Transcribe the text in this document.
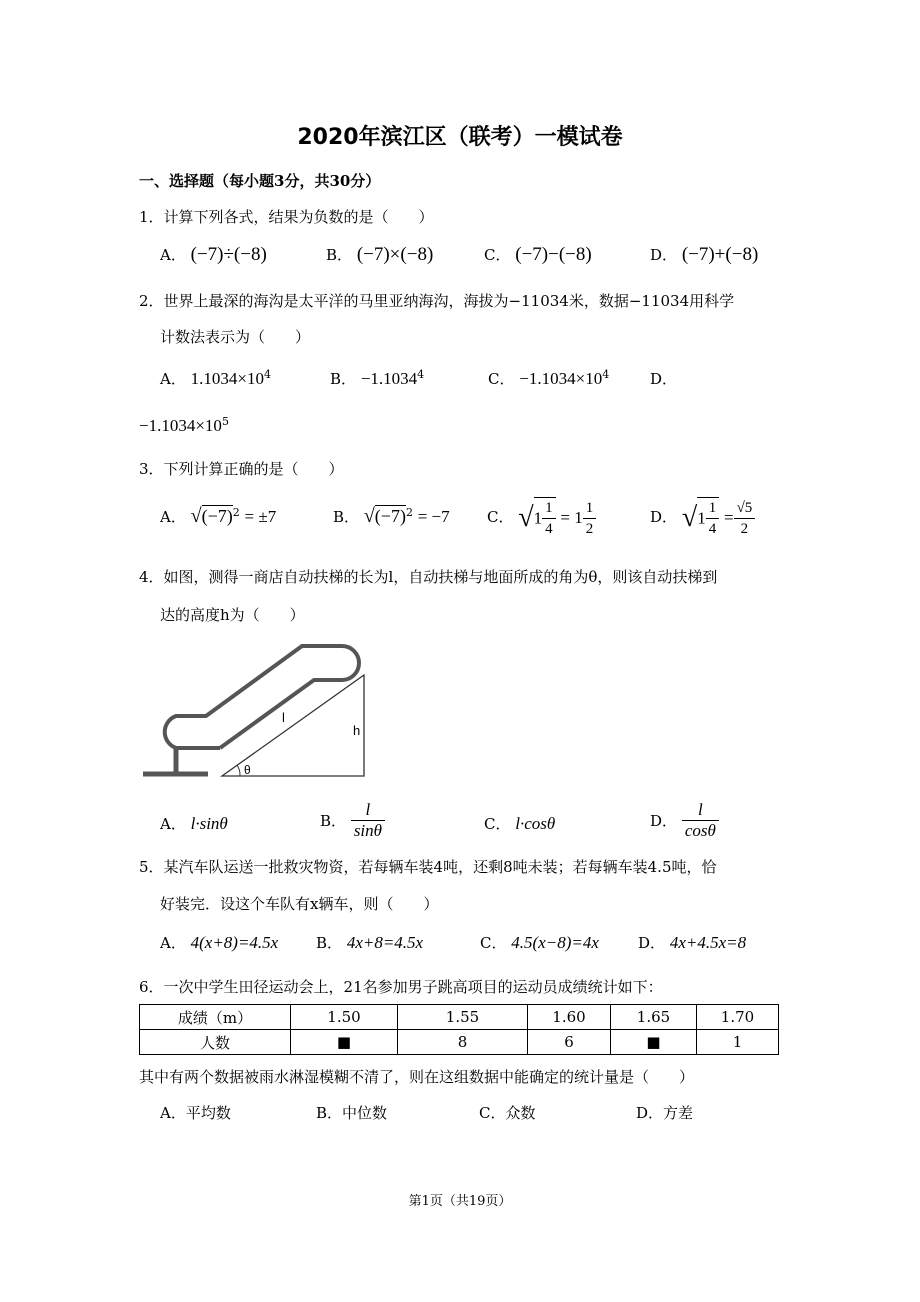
2020年滨江区（联考）一模试卷
一、选择题（每小题3分，共30分）
1．计算下列各式，结果为负数的是（　　）
A． (−7)÷(−8)	B． (−7)×(−8)	C． (−7)−(−8)	D． (−7)+(−8)
2．世界上最深的海沟是太平洋的马里亚纳海沟，海拔为−11034米，数据−11034用科学
计数法表示为（　　）
A． $1.1034\times 10^4$	B． $-1.1034^4$	C． $-1.1034\times 10^4$	D．
$-1.1034\times 10^5$
3．下列计算正确的是（　　）
A． $√(-7)^2 = \pm 7$	B． $√(-7)^2 = -7$ C． $√1 \frac{1}{4} = 1 \frac{1}{2}$	D． $√1 \frac{1}{4} = \frac{√5}{2}$
4．如图，测得一商店自动扶梯的长为l，自动扶梯与地面所成的角为θ，则该自动扶梯到
达的高度h为（　　）
l
h
θ
A． l·sinθ	B． $\frac{l}{\sin\theta}$	C． l·cosθ	D． $\frac{l}{\cos\theta}$
5．某汽车队运送一批救灾物资，若每辆车装4吨，还剩8吨未装；若每辆车装4.5吨，恰
好装完．设这个车队有x辆车，则（　　）
A． 4(x+8)=4.5x	B． 4x+8=4.5x	C． 4.5(x−8)=4x	D． 4x+4.5x=8
6．一次中学生田径运动会上，21名参加男子跳高项目的运动员成绩统计如下：
成绩（m）	1.50	1.55	1.60	1.65	1.70
人数	■	8	6	■	1
其中有两个数据被雨水淋湿模糊不清了，则在这组数据中能确定的统计量是（　　）
A．平均数	B．中位数	C．众数	D．方差
第1页（共19页）
